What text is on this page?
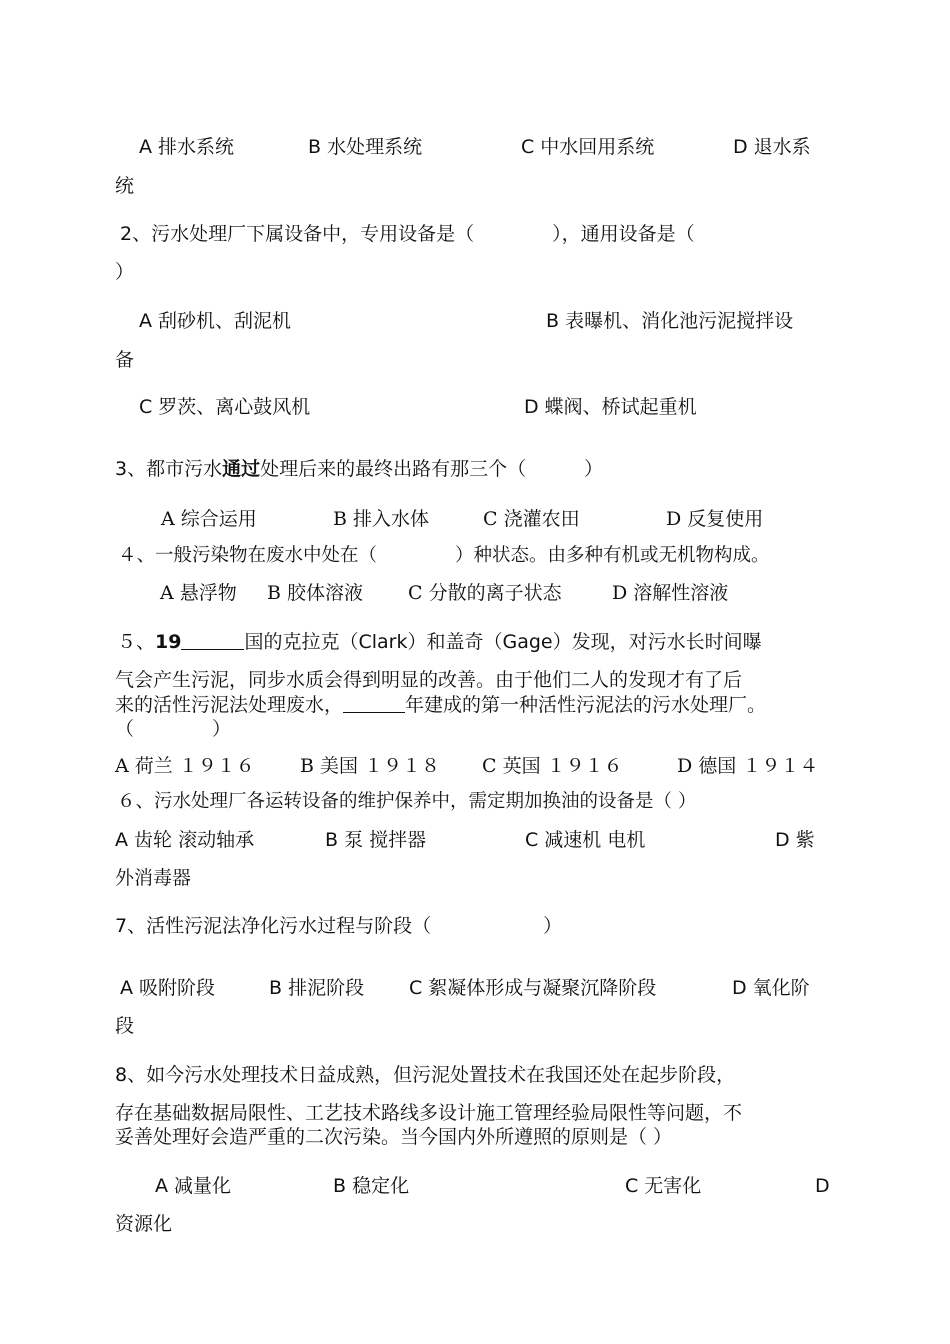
A 排水系统	B 水处理系统	C 中水回用系统	D 退水系
统
2、污水处理厂下属设备中，专用设备是（	），通用设备是（
）
A 刮砂机、刮泥机	B 表曝机、消化池污泥搅拌设
备
C 罗茨、离心鼓风机	D 蝶阀、桥试起重机
3、都市污水通过处理后来的最终出路有那三个（	）
A 综合运用	B 排入水体	C 浇灌农田	D 反复使用
４、一般污染物在废水中处在（	）种状态。由多种有机或无机物构成。
A 悬浮物 B 胶体溶液 C 分散的离子状态	D 溶解性溶液
５、19	国的克拉克（Clark）和盖奇（Gage）发现，对污水长时间曝
气会产生污泥，同步水质会得到明显的改善。由于他们二人的发现才有了后
来的活性污泥法处理废水，	年建成的第一种活性污泥法的污水处理厂。
（	）
A 荷兰 １９１６ B 美国 １９１８ C 英国 １９１６	D 德国 １９１４
６、污水处理厂各运转设备的维护保养中，需定期加换油的设备是（ ）
A 齿轮 滚动轴承	B 泵 搅拌器	C 减速机 电机	D 紫
外消毒器
7、活性污泥法净化污水过程与阶段（	）
A 吸附阶段	B 排泥阶段 C 絮凝体形成与凝聚沉降阶段	D 氧化阶
段
8、如今污水处理技术日益成熟，但污泥处置技术在我国还处在起步阶段，
存在基础数据局限性、工艺技术路线多设计施工管理经验局限性等问题，不
妥善处理好会造严重的二次污染。当今国内外所遵照的原则是（ ）
A 减量化	B 稳定化	C 无害化	D
资源化
